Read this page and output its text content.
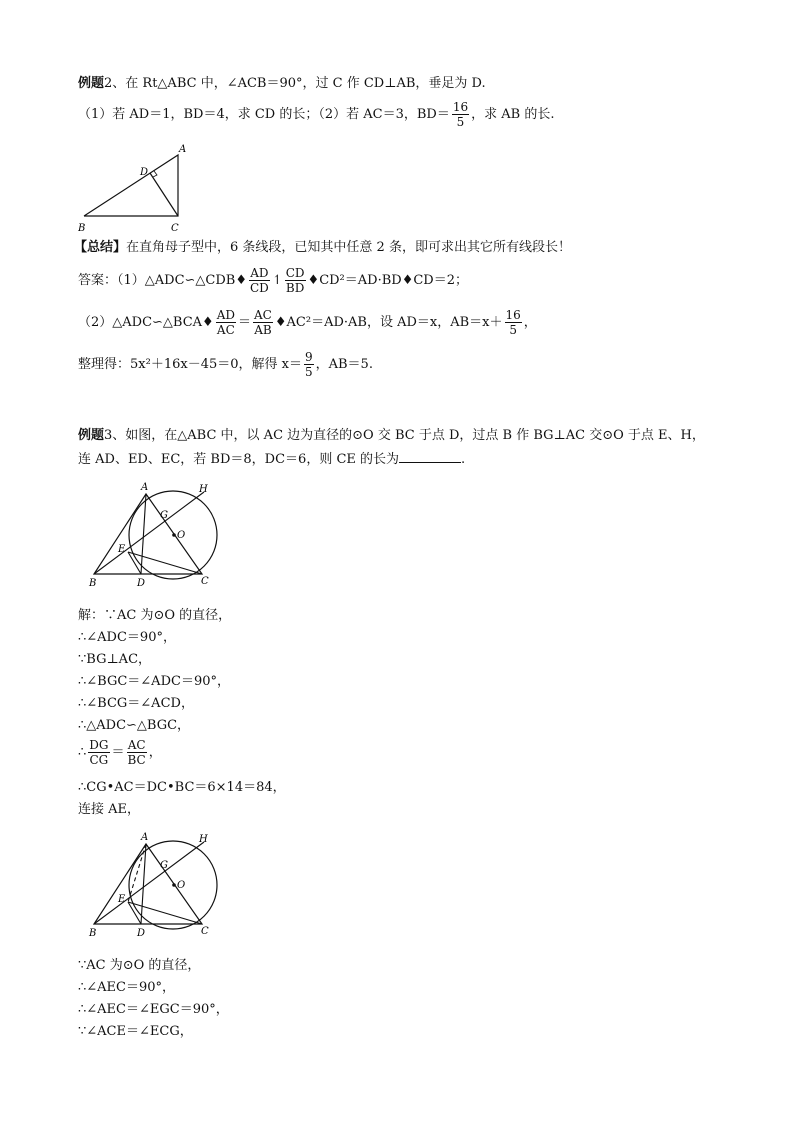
例题2、在 Rt△ABC 中，∠ACB＝90°，过 C 作 CD⊥AB，垂足为 D.
（1）若 AD＝1，BD＝4，求 CD 的长；（2）若 AC＝3，$BD= \frac{16}{5}$ ，求 AB 的长.
A
D
B	C
【总结】在直角母子型中，6 条线段，已知其中任意 2 条，即可求出其它所有线段长！
答案：（1）△ADC∽△CDB♦ $\frac{AD}{CD}$ ↿ $\frac{CD}{BD}$ ♦CD²＝AD·BD♦CD＝2；
（2）△ADC∽△BCA♦ $\frac{AD}{AC} = \frac{AC}{AB}$ ♦AC²＝AD·AB，设 AD＝x，$AB=x+ \frac{16}{5}$ ，
整理得：5x²＋16x－45＝0，解得 $x= \frac{9}{5}$ ，AB＝5.
例题3、如图，在△ABC 中，以 AC 边为直径的⊙O 交 BC 于点 D，过点 B 作 BG⊥AC 交⊙O 于点 E、H，
连 AD、ED、EC，若 BD＝8，DC＝6，则 CE 的长为	.
A	H
G
O
E
B	D	C
解：∵AC 为⊙O 的直径，
∴∠ADC＝90°，
∵BG⊥AC，
∴∠BGC＝∠ADC＝90°，
∴∠BCG＝∠ACD，
∴△ADC∽△BGC，
∴ $\frac{DG}{CG} = \frac{AC}{BC}$ ，
∴CG•AC＝DC•BC＝6×14＝84，
连接 AE，
A	H
G
O
E
B	D	C
∵AC 为⊙O 的直径，
∴∠AEC＝90°，
∴∠AEC＝∠EGC＝90°，
∵∠ACE＝∠ECG，
